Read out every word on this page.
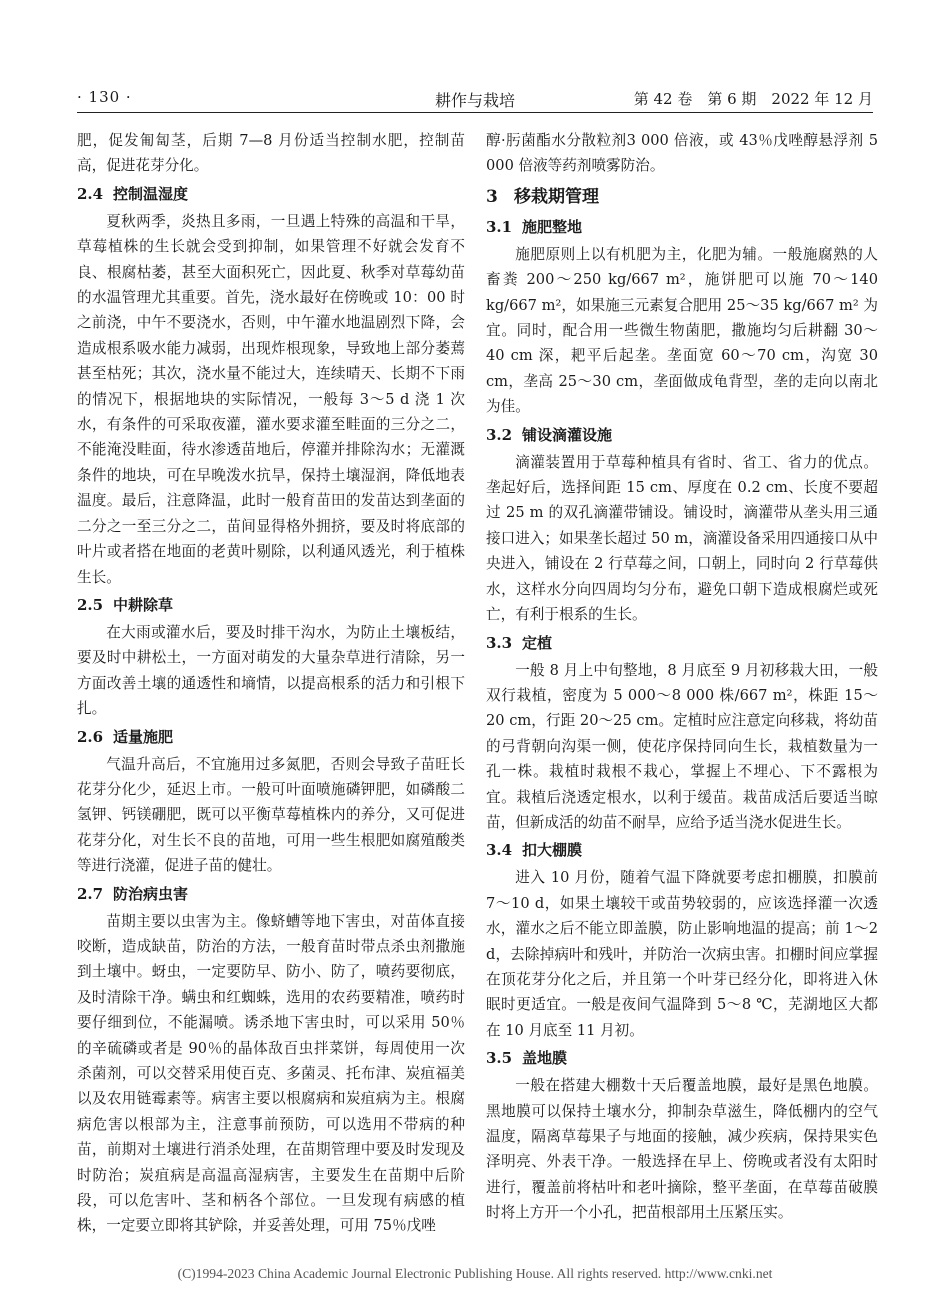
· 130 ·	耕作与栽培	第 42 卷　第 6 期　2022 年 12 月

肥，促发匍匐茎，后期 7—8 月份适当控制水肥，控制苗高，促进花芽分化。

2.4 控制温湿度

夏秋两季，炎热且多雨，一旦遇上特殊的高温和干旱，草莓植株的生长就会受到抑制，如果管理不好就会发育不良、根腐枯萎，甚至大面积死亡，因此夏、秋季对草莓幼苗的水温管理尤其重要。首先，浇水最好在傍晚或 10：00 时之前浇，中午不要浇水，否则，中午灌水地温剧烈下降，会造成根系吸水能力减弱，出现炸根现象，导致地上部分萎蔫甚至枯死；其次，浇水量不能过大，连续晴天、长期不下雨的情况下，根据地块的实际情况，一般每 3～5 d 浇 1 次水，有条件的可采取夜灌，灌水要求灌至畦面的三分之二，不能淹没畦面，待水渗透苗地后，停灌并排除沟水；无灌溉条件的地块，可在早晚泼水抗旱，保持土壤湿润，降低地表温度。最后，注意降温，此时一般育苗田的发苗达到垄面的二分之一至三分之二，苗间显得格外拥挤，要及时将底部的叶片或者搭在地面的老黄叶剔除，以利通风透光，利于植株生长。

2.5 中耕除草

在大雨或灌水后，要及时排干沟水，为防止土壤板结，要及时中耕松土，一方面对萌发的大量杂草进行清除，另一方面改善土壤的通透性和墒情，以提高根系的活力和引根下扎。

2.6 适量施肥

气温升高后，不宜施用过多氮肥，否则会导致子苗旺长花芽分化少，延迟上市。一般可叶面喷施磷钾肥，如磷酸二氢钾、钙镁硼肥，既可以平衡草莓植株内的养分，又可促进花芽分化，对生长不良的苗地，可用一些生根肥如腐殖酸类等进行浇灌，促进子苗的健壮。

2.7 防治病虫害

苗期主要以虫害为主。像蛴螬等地下害虫，对苗体直接咬断，造成缺苗，防治的方法，一般育苗时带点杀虫剂撒施到土壤中。蚜虫，一定要防早、防小、防了，喷药要彻底，及时清除干净。螨虫和红蜘蛛，选用的农药要精准，喷药时要仔细到位，不能漏喷。诱杀地下害虫时，可以采用 50％的辛硫磷或者是 90％的晶体敌百虫拌菜饼，每周使用一次杀菌剂，可以交替采用使百克、多菌灵、托布津、炭疽福美以及农用链霉素等。病害主要以根腐病和炭疽病为主。根腐病危害以根部为主，注意事前预防，可以选用不带病的种苗，前期对土壤进行消杀处理，在苗期管理中要及时发现及时防治；炭疽病是高温高湿病害，主要发生在苗期中后阶段，可以危害叶、茎和柄各个部位。一旦发现有病感的植株，一定要立即将其铲除，并妥善处理，可用 75％戊唑

醇·肟菌酯水分散粒剂3 000 倍液，或 43％戊唑醇悬浮剂 5 000 倍液等药剂喷雾防治。

3 移栽期管理
3.1 施肥整地

施肥原则上以有机肥为主，化肥为辅。一般施腐熟的人畜粪 200～250 kg/667 m²，施饼肥可以施 70～140 kg/667 m²，如果施三元素复合肥用 25～35 kg/667 m² 为宜。同时，配合用一些微生物菌肥，撒施均匀后耕翻 30～40 cm 深，耙平后起垄。垄面宽 60～70 cm，沟宽 30 cm，垄高 25～30 cm，垄面做成龟背型，垄的走向以南北为佳。

3.2 铺设滴灌设施

滴灌装置用于草莓种植具有省时、省工、省力的优点。垄起好后，选择间距 15 cm、厚度在 0.2 cm、长度不要超过 25 m 的双孔滴灌带铺设。铺设时，滴灌带从垄头用三通接口进入；如果垄长超过 50 m，滴灌设备采用四通接口从中央进入，铺设在 2 行草莓之间，口朝上，同时向 2 行草莓供水，这样水分向四周均匀分布，避免口朝下造成根腐烂或死亡，有利于根系的生长。

3.3 定植

一般 8 月上中旬整地，8 月底至 9 月初移栽大田，一般双行栽植，密度为 5 000～8 000 株/667 m²，株距 15～20 cm，行距 20～25 cm。定植时应注意定向移栽，将幼苗的弓背朝向沟渠一侧，使花序保持同向生长，栽植数量为一孔一株。栽植时栽根不栽心，掌握上不埋心、下不露根为宜。栽植后浇透定根水，以利于缓苗。栽苗成活后要适当晾苗，但新成活的幼苗不耐旱，应给予适当浇水促进生长。

3.4 扣大棚膜

进入 10 月份，随着气温下降就要考虑扣棚膜，扣膜前 7～10 d，如果土壤较干或苗势较弱的，应该选择灌一次透水，灌水之后不能立即盖膜，防止影响地温的提高；前 1～2 d，去除掉病叶和残叶，并防治一次病虫害。扣棚时间应掌握在顶花芽分化之后，并且第一个叶芽已经分化，即将进入休眠时更适宜。一般是夜间气温降到 5～8 ℃，芜湖地区大都在 10 月底至 11 月初。

3.5 盖地膜

一般在搭建大棚数十天后覆盖地膜，最好是黑色地膜。黑地膜可以保持土壤水分，抑制杂草滋生，降低棚内的空气温度，隔离草莓果子与地面的接触，减少疾病，保持果实色泽明亮、外表干净。一般选择在早上、傍晚或者没有太阳时进行，覆盖前将枯叶和老叶摘除，整平垄面，在草莓苗破膜时将上方开一个小孔，把苗根部用土压紧压实。

(C)1994-2023 China Academic Journal Electronic Publishing House. All rights reserved. http://www.cnki.net
